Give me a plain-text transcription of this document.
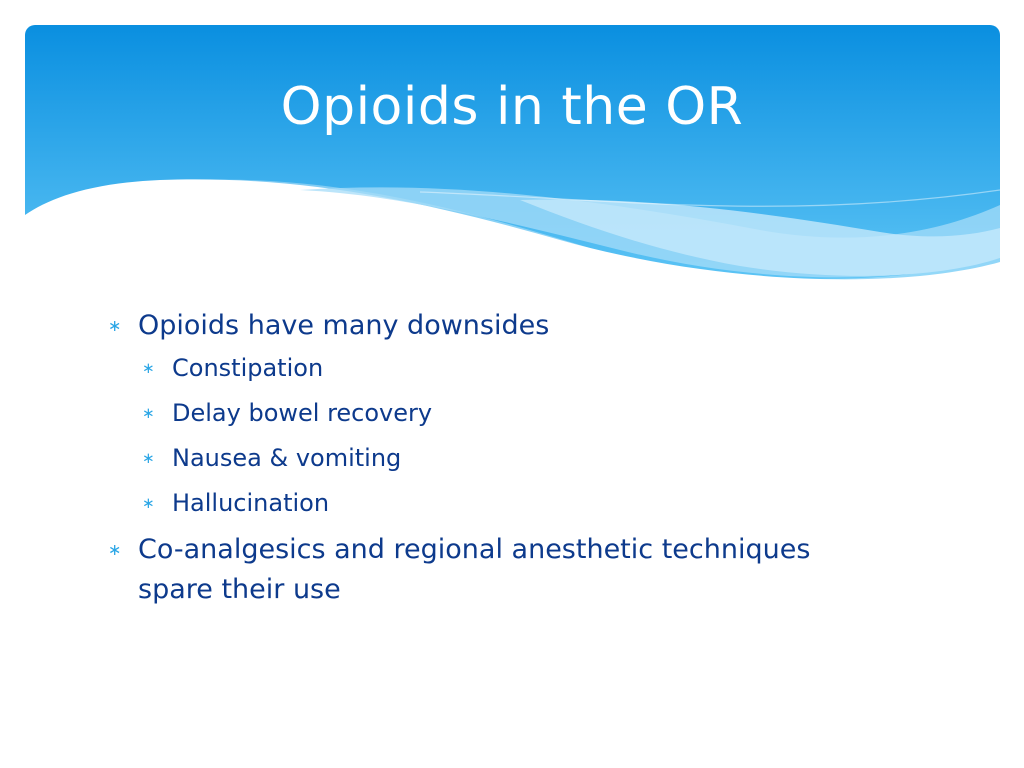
Opioids in the OR
∗ Opioids have many downsides
∗ Constipation
∗ Delay bowel recovery
∗ Nausea & vomiting
∗ Hallucination
∗ Co-analgesics and regional anesthetic techniques spare their use
